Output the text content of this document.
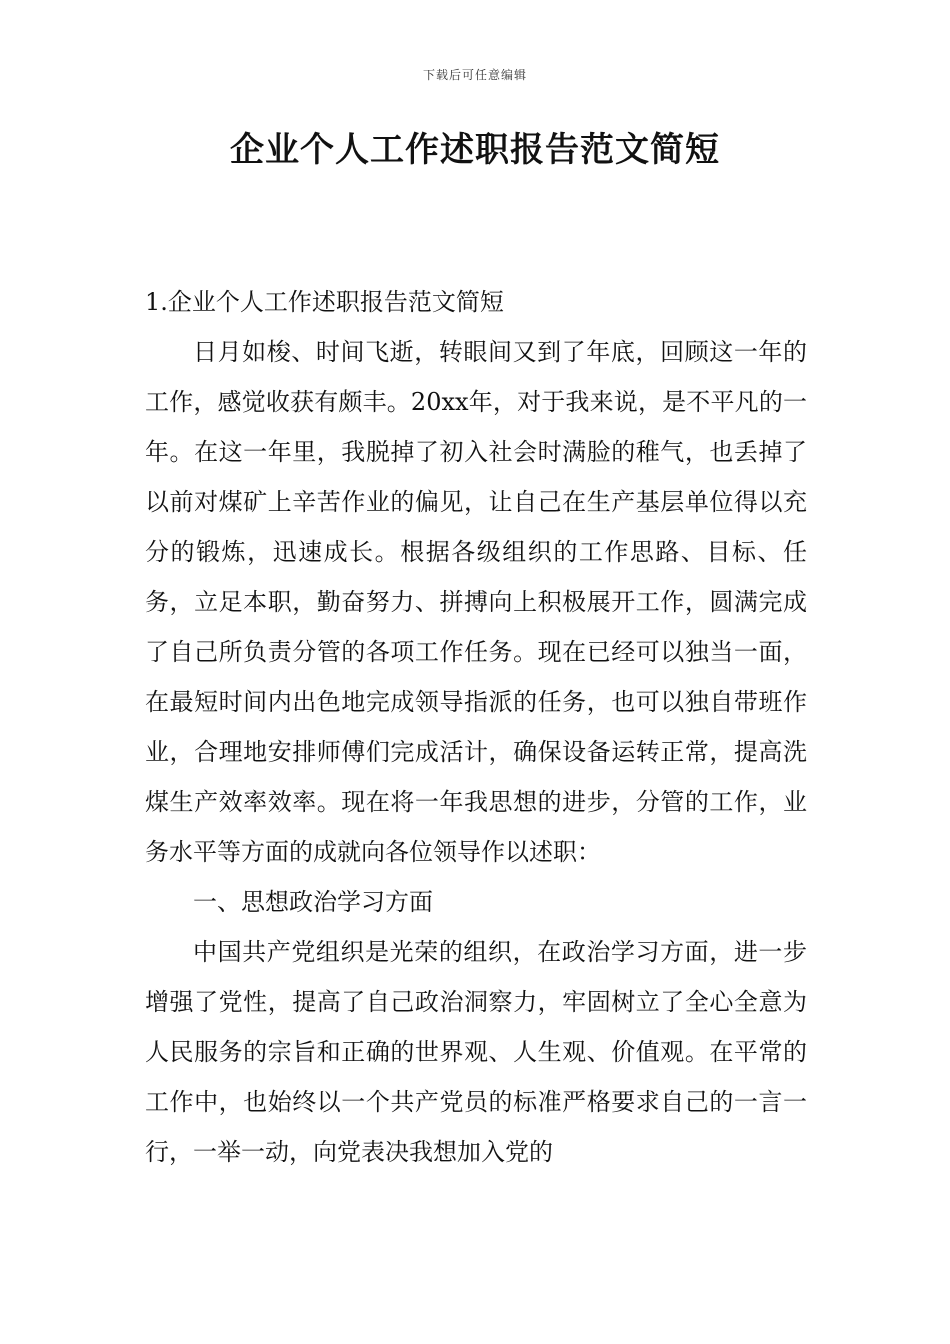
下载后可任意编辑
企业个人工作述职报告范文简短

1.企业个人工作述职报告范文简短

日月如梭、时间飞逝，转眼间又到了年底，回顾这一年的工作，感觉收获有颇丰。20xx年，对于我来说，是不平凡的一年。在这一年里，我脱掉了初入社会时满脸的稚气，也丢掉了以前对煤矿上辛苦作业的偏见，让自己在生产基层单位得以充分的锻炼，迅速成长。根据各级组织的工作思路、目标、任务，立足本职，勤奋努力、拼搏向上积极展开工作，圆满完成了自己所负责分管的各项工作任务。现在已经可以独当一面，在最短时间内出色地完成领导指派的任务，也可以独自带班作业，合理地安排师傅们完成活计，确保设备运转正常，提高洗煤生产效率效率。现在将一年我思想的进步，分管的工作，业务水平等方面的成就向各位领导作以述职：

一、思想政治学习方面

中国共产党组织是光荣的组织，在政治学习方面，进一步增强了党性，提高了自己政治洞察力，牢固树立了全心全意为人民服务的宗旨和正确的世界观、人生观、价值观。在平常的工作中，也始终以一个共产党员的标准严格要求自己的一言一行，一举一动，向党表决我想加入党的
